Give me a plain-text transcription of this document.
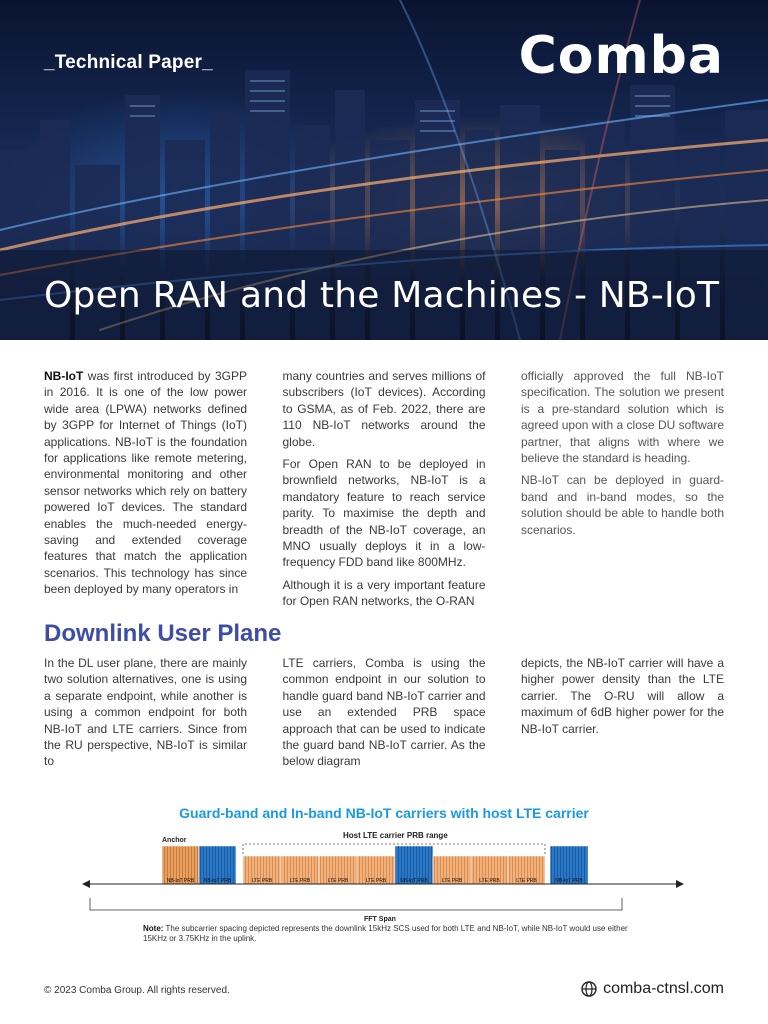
_Technical Paper_	Comba
Open RAN and the Machines - NB-IoT

NB-IoT was first introduced by 3GPP in 2016. It is one of the low power wide area (LPWA) networks defined by 3GPP for Internet of Things (IoT) applications. NB-IoT is the foundation for applications like remote metering, environmental monitoring and other sensor networks which rely on battery powered IoT devices. The standard enables the much-needed energy-saving and extended coverage features that match the application scenarios. This technology has since been deployed by many operators in

many countries and serves millions of subscribers (IoT devices). According to GSMA, as of Feb. 2022, there are 110 NB-IoT networks around the globe.

For Open RAN to be deployed in brownfield networks, NB-IoT is a mandatory feature to reach service parity. To maximise the depth and breadth of the NB-IoT coverage, an MNO usually deploys it in a low-frequency FDD band like 800MHz.

Although it is a very important feature for Open RAN networks, the O-RAN

officially approved the full NB-IoT specification. The solution we present is a pre-standard solution which is agreed upon with a close DU software partner, that aligns with where we believe the standard is heading.

NB-IoT can be deployed in guard-band and in-band modes, so the solution should be able to handle both scenarios.

Downlink User Plane

In the DL user plane, there are mainly two solution alternatives, one is using a separate endpoint, while another is using a common endpoint for both NB-IoT and LTE carriers. Since from the RU perspective, NB-IoT is similar to

LTE carriers, Comba is using the common endpoint in our solution to handle guard band NB-IoT carrier and use an extended PRB space approach that can be used to indicate the guard band NB-IoT carrier. As the below diagram

depicts, the NB-IoT carrier will have a higher power density than the LTE carrier. The O-RU will allow a maximum of 6dB higher power for the NB-IoT carrier.

Guard-band and In-band NB-IoT carriers with host LTE carrier
Anchor
Host LTE carrier PRB range
NB-IoT PRB NB-IoT PRB	LTE PRB	LTE PRB	LTE PRB	LTE PRB	NB-IoT PRB	LTE PRB	LTE PRB	LTE PRB	NB-IoT PRB
FFT Span
Note: The subcarrier spacing depicted represents the downlink 15kHz SCS used for both LTE and NB-IoT, while NB-IoT would use either 15KHz or 3.75KHz in the uplink.
© 2023 Comba Group. All rights reserved.	comba-ctnsl.com
